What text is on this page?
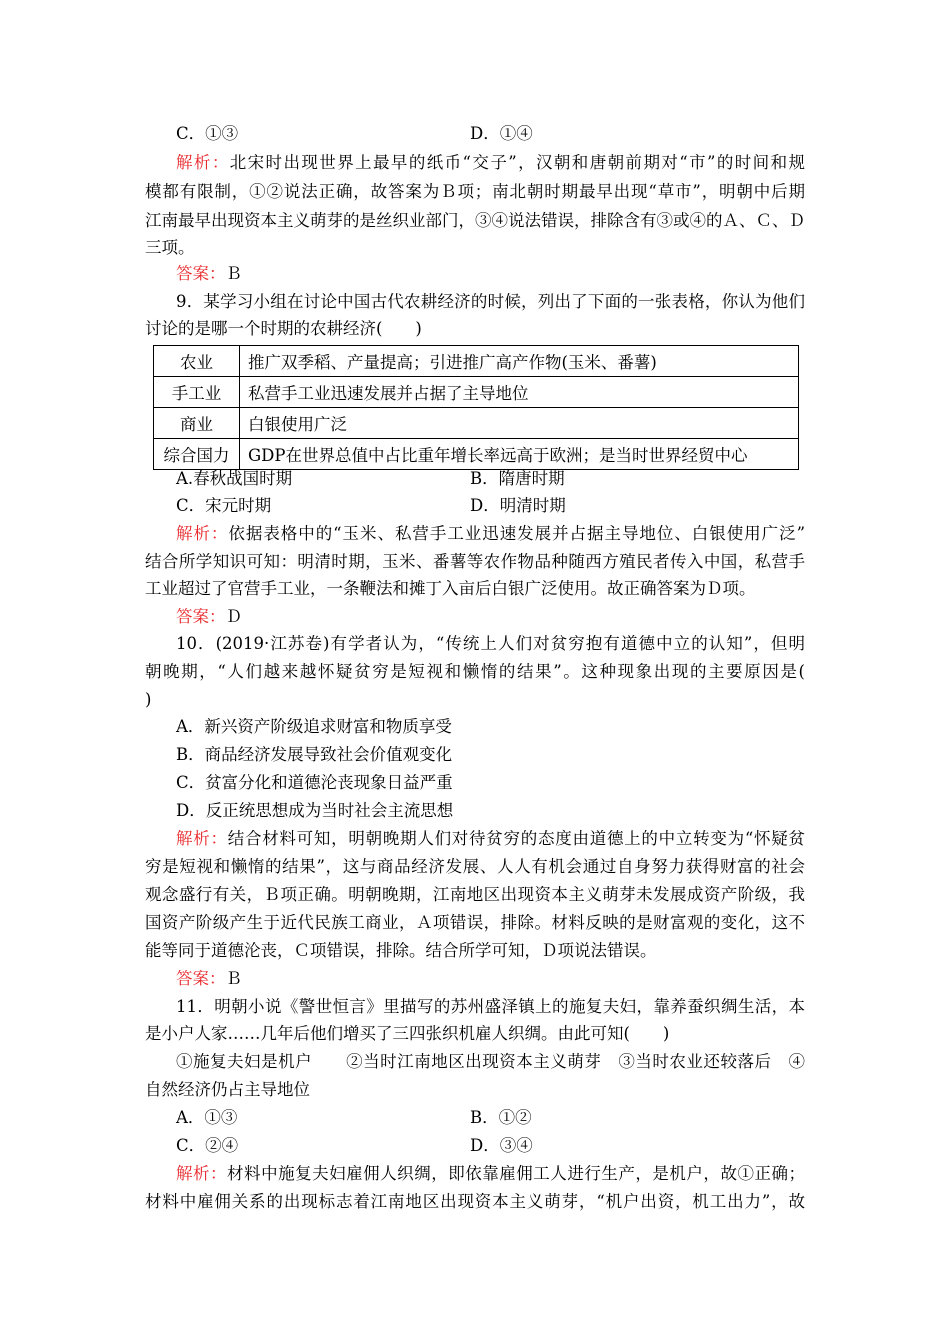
C．①③	D．①④
解析：北宋时出现世界上最早的纸币“交子”，汉朝和唐朝前期对“市”的时间和规
模都有限制，①②说法正确，故答案为Ｂ项；南北朝时期最早出现“草市”，明朝中后期
江南最早出现资本主义萌芽的是丝织业部门，③④说法错误，排除含有③或④的Ａ、Ｃ、Ｄ
三项。
答案：Ｂ
9．某学习小组在讨论中国古代农耕经济的时候，列出了下面的一张表格，你认为他们
讨论的是哪一个时期的农耕经济(　　)
农业	推广双季稻、产量提高；引进推广高产作物(玉米、番薯)
手工业	私营手工业迅速发展并占据了主导地位
商业	白银使用广泛
综合国力	GDP在世界总值中占比重年增长率远高于欧洲；是当时世界经贸中心
A.春秋战国时期	B．隋唐时期
C．宋元时期	D．明清时期
解析：依据表格中的“玉米、私营手工业迅速发展并占据主导地位、白银使用广泛”
结合所学知识可知：明清时期，玉米、番薯等农作物品种随西方殖民者传入中国，私营手
工业超过了官营手工业，一条鞭法和摊丁入亩后白银广泛使用。故正确答案为Ｄ项。
答案：Ｄ
10．(2019·江苏卷)有学者认为，“传统上人们对贫穷抱有道德中立的认知”，但明
朝晚期，“人们越来越怀疑贫穷是短视和懒惰的结果”。这种现象出现的主要原因是(
)
A．新兴资产阶级追求财富和物质享受
B．商品经济发展导致社会价值观变化
C．贫富分化和道德沦丧现象日益严重
D．反正统思想成为当时社会主流思想
解析：结合材料可知，明朝晚期人们对待贫穷的态度由道德上的中立转变为“怀疑贫
穷是短视和懒惰的结果”，这与商品经济发展、人人有机会通过自身努力获得财富的社会
观念盛行有关，Ｂ项正确。明朝晚期，江南地区出现资本主义萌芽未发展成资产阶级，我
国资产阶级产生于近代民族工商业，Ａ项错误，排除。材料反映的是财富观的变化，这不
能等同于道德沦丧，Ｃ项错误，排除。结合所学可知，Ｄ项说法错误。
答案：Ｂ
11．明朝小说《警世恒言》里描写的苏州盛泽镇上的施复夫妇，靠养蚕织绸生活，本
是小户人家……几年后他们增买了三四张织机雇人织绸。由此可知(　　)
①施复夫妇是机户　　②当时江南地区出现资本主义萌芽　③当时农业还较落后　④
自然经济仍占主导地位
A．①③	B．①②
C．②④	D．③④
解析：材料中施复夫妇雇佣人织绸，即依靠雇佣工人进行生产，是机户，故①正确；
材料中雇佣关系的出现标志着江南地区出现资本主义萌芽，“机户出资，机工出力”，故
